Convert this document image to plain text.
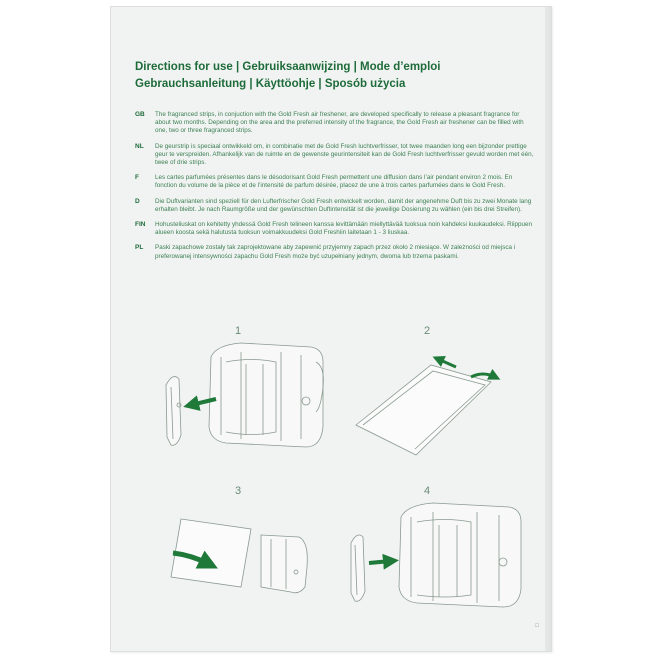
Directions for use | Gebruiksaanwijzing | Mode d’emploi
Gebrauchsanleitung | Käyttöohje | Sposób użycia
GB	The fragranced strips, in conjuction with the Gold Fresh air freshener, are developed specifically to release a pleasant fragrance for about two months. Depending on the area and the preferred intensity of the fragrance, the Gold Fresh air freshener can be filled with one, two or three fragranced strips.
NL	De geurstrip is speciaal ontwikkeld om, in combinatie met de Gold Fresh luchtverfrisser, tot twee maanden long een bijzonder prettige geur te verspreiden. Afhankelijk van de ruimte en de gewenste geurintensiteit kan de Gold Fresh luchtverfrisser gevuld worden met één, twee of drie strips.
F	Les cartes parfumées présentes dans le désodorisant Gold Fresh permettent une diffusion dans l’air pendant environ 2 mois. En fonction du volume de la pièce et de l’intensité de parfum désirée, placez de une à trois cartes parfumées dans le Gold Fresh.
D	Die Duftvarianten sind speziell für den Lufterfrischer Gold Fresh entwickelt worden, damit der angenehme Duft bis zu zwei Monate lang erhalten bleibt. Je nach Raumgröße und der gewünschten Duftintensität ist die jeweilige Dosierung zu wählen (ein bis drei Streifen).
FIN	Hohusteliuskat on kehitetty yhdessä Gold Fresh telineen kanssa levittämään miellyttävää tuoksua noin kahdeksi kuukaudeksi. Riippuen alueen koosta sekä halutusta tuoksun voimakkuudeksi Gold Freshiin laitetaan 1 - 3 liuskaa.
PL	Paski zapachowe zostały tak zaprojektowane aby zapewnić przyjemny zapach przez około 2 miesiące. W zależności od miejsca i preferowanej intensywności zapachu Gold Fresh może być uzupełniany jednym, dwoma lub trzema paskami.
1	2
3	4
□
